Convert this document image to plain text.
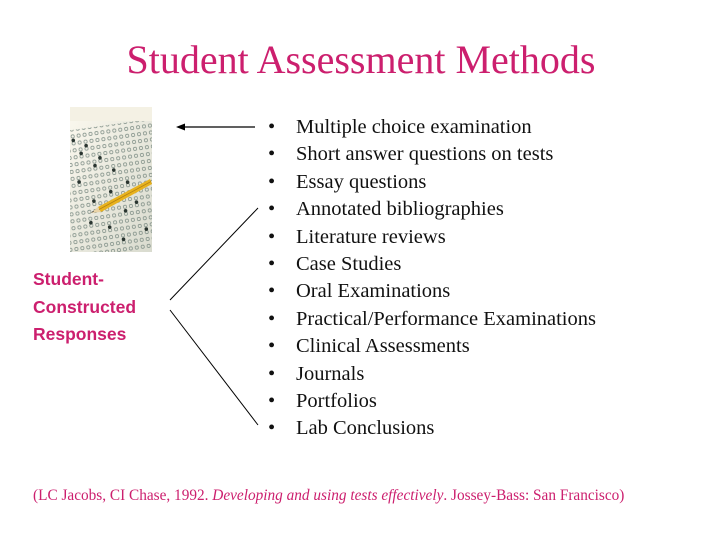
Student Assessment Methods
• Multiple choice examination
• Short answer questions on tests
• Essay questions
• Annotated bibliographies
• Literature reviews
• Case Studies
• Oral Examinations
• Practical/Performance Examinations
• Clinical Assessments
• Journals
• Portfolios
• Lab Conclusions
Student-
Constructed
Responses
(LC Jacobs, CI Chase, 1992. Developing and using tests effectively. Jossey-Bass: San Francisco)
